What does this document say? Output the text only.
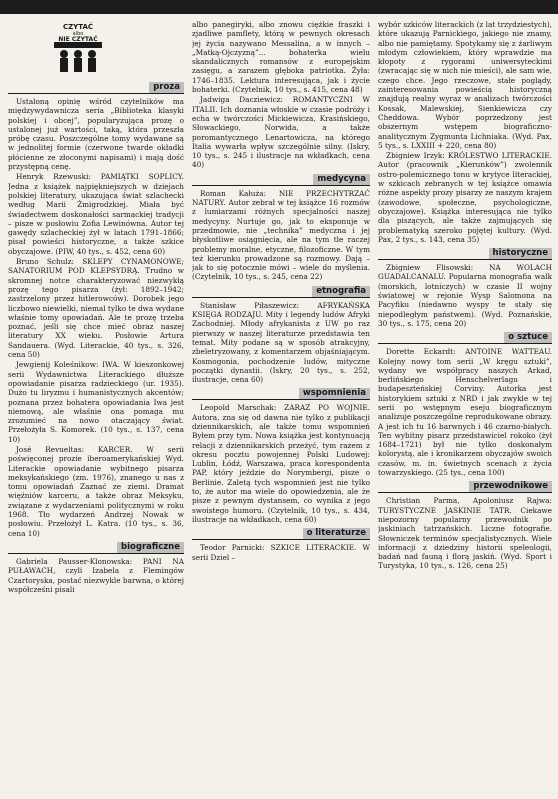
CZYTAĆ
albo
NIE CZYTAĆ
proza

Ustaloną opinię wśród czytelników ma międzywydawnicza seria „Biblioteka klasyki polskiej i obcej”, popularyzująca prozę o ustalonej już wartości, taką, która przeszła próbę czasu. Poszczególne tomy wydawane są w jednolitej formie (czerwone twarde okładki płócienne ze złoconymi napisami) i mają dość przystępną cenę.

Henryk Rzewuski: PAMIĄTKI SOPLICY. Jedna z książek najpiękniejszych w dziejach polskiej literatury, ukazująca świat szlachecki według Marii Żmigrodzkiej. Miała być świadectwem doskonałości sarmackiej tradycji – pisze w posłowiu Zofia Lewinówna. Autor tej gawędy szlacheckiej żył w latach 1791–1866; pisał powieści historyczne, a także szkice obyczajowe. (PIW, 40 tys., s. 452, cena 60)

Bruno Schulz: SKLEPY CYNAMONOWE; SANATORIUM POD KLEPSYDRĄ. Trudno w skromnej notce charakteryzować niezwykłą prozę tego pisarza (żył: 1892–1942; zastrzelony przez hitlerowców). Dorobek jego liczbowo niewielki, niemal tylko te dwa wydane właśnie tomy opowiadań. Ale te prozę trzeba poznać, jeśli się chce mieć obraz naszej literatury XX wieku. Posłowie Artura Sandauera. (Wyd. Literackie, 40 tys., s. 326, cena 50)

Jewgienij Koleśnikow: IWA. W kieszonkowej serii Wydawnictwa Literackiego dłuższe opowiadanie pisarza radzieckiego (ur. 1935). Dużo tu liryzmu i humanistycznych akcentów; poznana przez bohatera opowiadania Iwa jest niemową, ale właśnie ona pomaga mu zrozumieć na nowo otaczający świat. Przełożyła S. Komorek. (10 tys., s. 137, cena 10)

José Revueltas: KARCER. W serii poświęconej prozie iberoamerykańskiej Wyd. Literackie opowiadanie wybitnego pisarza meksykańskiego (zm. 1976), znanego u nas z tomu opowiadań Zaznać ze ziemi. Dramat więźniów karceru, a także obraz Meksyku, związane z wydarzeniami politycznymi w roku 1968. Tło wydarzeń Andrzej Nowak w posłowiu. Przełożył L. Katra. (10 tys., s. 36, cena 10)

biograficzne

Gabriela Pausser-Klonowska: PANI NA PUŁAWACH, czyli Izabela z Flemingów Czartoryska, postać niezwykle barwna, o której współcześni pisali

albo panegiryki, albo znowu ciężkie fraszki i zjadliwe pamflety, którą w pewnych okresach jej życia nazywano Messalina, a w innych – „Matką-Ojczyzną”... bohaterka wielu skandalicznych romansów z europejskim zasięgu, a zarazem głęboka patriotka. Żyła: 1746–1835. Lektura interesująca, jak i życie bohaterki. (Czytelnik, 10 tys., s. 415, cena 48)

Jadwiga Dacziewicz: ROMANTYCZNI W ITALII. Ich doznania włoskie w czasie podróży i echa w twórczości Mickiewicza, Krasińskiego, Słowackiego, Norwida, a także poromantycznego Lenartowicza, na którego Italia wywarła wpływ szczególnie silny. (Iskry, 10 tys., s. 245 i ilustracje na wkładkach, cena 40)

medycyna

Roman Kałuża: NIE PRZECHYTRZAĆ NATURY. Autor zebrał w tej książce 16 rozmów z lumiarzami różnych specjalności naszej medycyny. Nurtuje go, jak to eksponuje w przedmowie, nie „technika” medyczna i jej błyskotliwe osiągnięcia, ale na tym tle raczej problemy moralne, etyczne, filozoficzne. W tym też kierunku prowadzone są rozmowy. Dają – jak to się potocznie mówi – wiele do myślenia. (Czytelnik, 10 tys., s. 245, cena 22)

etnografia

Stanisław Piłaszewicz: AFRYKAŃSKA KSIĘGA RODZAJU. Mity i legendy ludów Afryki Zachodniej. Młody afrykanista z UW po raz pierwszy w naszej literaturze przedstawia ten temat. Mity podane są w sposób atrakcyjny, zbeletryzowany, z komentarzem objaśniającym. Kosmogonia, pochodzenie ludów, mityczne początki dynastii. (Iskry, 20 tys., s. 252, ilustracje, cena 60)

wspomnienia

Leopold Marschak: ZARAZ PO WOJNIE. Autora, zna się od dawna nie tylko z publikacji dziennikarskich, ale także tomu wspomnień Byłem przy tym. Nowa książka jest kontynuacją relacji z dziennikarskich przeżyć, tym razem z okresu pocztu powojennej Polski Ludowej: Lublin, Łódź, Warszawa, praca korespondenta PAP, który jeździe do Norymbergi, pisze o Berlinie. Zaletą tych wspomnień jest nie tylko to, że autor ma wiele do opowiedzenia, ale że pisze z pewnym dystansem, co wynika z jego swoistego humoru. (Czytelnik, 10 tys., s. 434, ilustracje na wkładkach, cena 60)

o literaturze

Teodor Parnicki: SZKICE LITERACKIE. W serii Dziel –

wybór szkiców literackich (z lat trzydziestych), które ukazują Parnickiego, jakiego nie znamy, albo nie pamiętamy. Spotykamy się z żarliwym młodym człowiekiem, który wprawdzie ma kłopoty z rygorami uniwersyteckimi (zwracając się w nich nie mieści), ale sam wie, czego chce. Jego rzeczowe, stałe poglądy, zainteresowania powieścią historyczną znajdują realny wyraz w analizach twórczości Kossak, Malewskiej, Sienkiewicza czy Cheddowa. Wybór poprzedzony jest obszernym wstępem biograficzno-analitycznym Zygmunta Lichniaka. (Wyd. Pax, 5 tys., s. LXXIII + 220, cena 80)

Zbigniew Irzyk: KRÓLESTWO LITERACKIE. Autor (pracownik „Kierunków”) zwolennik ostro-polemicznego tonu w krytyce literackiej, w szkicach zebranych w tej książce omawia różne aspekty prozy pisarzy ze naszym krajem (zawodowe, społeczne, psychologiczne, obyczajowe). Książka interesująca nie tylko dla piszących, ale także zajmujących się problematyką szeroko pojętej kultury. (Wyd. Pax, 2 tys., s. 143, cena 35)

historyczne

Zbigniew Flisowski: NA WOLACH GUADALCANALU. Popularna monografia walk (morskich, lotniczych) w czasie II wojny światowej w rejonie Wysp Salomona na Pacyfiku (niedawno wyspy te stały się niepodległym państwem). (Wyd. Poznańskie, 30 tys., s. 175, cena 20)

o sztuce

Dorette Eckardt: ANTOINE WATTEAU. Kolejny nowy tom serii „W kręgu sztuki”, wydany we współpracy naszych Arkad, berlińskiego Henschelverlagu i budapeszteńskiej Corviny. Autorka jest historykiem sztuki z NRD i jak zwykle w tej serii po wstępnym eseju biograficznym analizuje poszczególne reprodukowane obrazy. A jest ich tu 16 barwnych i 46 czarno-białych. Ten wybitny pisarz przedstawiciel rokoko (żył 1684–1721) był nie tylko doskonałym kolorystą, ale i kronikarzem obyczajów swoich czasów, m. in. świetnych scenach z życia towarzyskiego. (25 tys., cena 100)

przewodnikowe

Christian Parma, Apoloniusz Rajwa: TURYSTYCZNE JASKINIE TATR. Ciekawe niepozorny popularny przewodnik po jaskiniach tatrzańskich. Liczne fotografie. Słowniczek terminów specjalistycznych. Wiele informacji z dziedziny historii speleologii, badań nad fauną i florą jaskiń. (Wyd. Sport i Turystyka, 10 tys., s. 126, cena 25)
